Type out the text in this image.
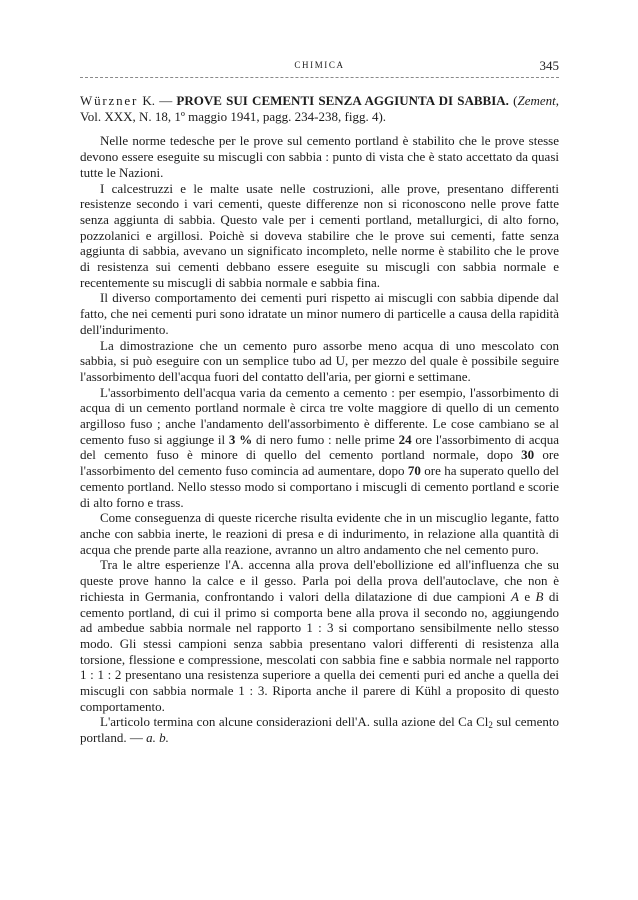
CHIMICA	345
Würzner K. — PROVE SUI CEMENTI SENZA AGGIUNTA DI SABBIA. (Zement, Vol. XXX, N. 18, 1º maggio 1941, pagg. 234-238, figg. 4).

Nelle norme tedesche per le prove sul cemento portland è stabilito che le prove stesse devono essere eseguite su miscugli con sabbia : punto di vista che è stato accettato da quasi tutte le Nazioni.

I calcestruzzi e le malte usate nelle costruzioni, alle prove, presentano differenti resistenze secondo i vari cementi, queste differenze non si riconoscono nelle prove fatte senza aggiunta di sabbia. Questo vale per i cementi portland, metallurgici, di alto forno, pozzolanici e argillosi. Poichè si doveva stabilire che le prove sui cementi, fatte senza aggiunta di sabbia, avevano un significato incompleto, nelle norme è stabilito che le prove di resistenza sui cementi debbano essere eseguite su miscugli con sabbia normale e recentemente su miscugli di sabbia normale e sabbia fina.

Il diverso comportamento dei cementi puri rispetto ai miscugli con sabbia dipende dal fatto, che nei cementi puri sono idratate un minor numero di particelle a causa della rapidità dell'indurimento.

La dimostrazione che un cemento puro assorbe meno acqua di uno mescolato con sabbia, si può eseguire con un semplice tubo ad U, per mezzo del quale è possibile seguire l'assorbimento dell'acqua fuori del contatto dell'aria, per giorni e settimane.

L'assorbimento dell'acqua varia da cemento a cemento : per esempio, l'assorbimento di acqua di un cemento portland normale è circa tre volte maggiore di quello di un cemento argilloso fuso ; anche l'andamento dell'assorbimento è differente. Le cose cambiano se al cemento fuso si aggiunge il 3 % di nero fumo : nelle prime 24 ore l'assorbimento di acqua del cemento fuso è minore di quello del cemento portland normale, dopo 30 ore l'assorbimento del cemento fuso comincia ad aumentare, dopo 70 ore ha superato quello del cemento portland. Nello stesso modo si comportano i miscugli di cemento portland e scorie di alto forno e trass.

Come conseguenza di queste ricerche risulta evidente che in un miscuglio legante, fatto anche con sabbia inerte, le reazioni di presa e di indurimento, in relazione alla quantità di acqua che prende parte alla reazione, avranno un altro andamento che nel cemento puro.

Tra le altre esperienze l'A. accenna alla prova dell'ebollizione ed all'influenza che su queste prove hanno la calce e il gesso. Parla poi della prova dell'autoclave, che non è richiesta in Germania, confrontando i valori della dilatazione di due campioni A e B di cemento portland, di cui il primo si comporta bene alla prova il secondo no, aggiungendo ad ambedue sabbia normale nel rapporto 1 : 3 si comportano sensibilmente nello stesso modo. Gli stessi campioni senza sabbia presentano valori differenti di resistenza alla torsione, flessione e compressione, mescolati con sabbia fine e sabbia normale nel rapporto 1 : 1 : 2 presentano una resistenza superiore a quella dei cementi puri ed anche a quella dei miscugli con sabbia normale 1 : 3. Riporta anche il parere di Kühl a proposito di questo comportamento.

L'articolo termina con alcune considerazioni dell'A. sulla azione del Ca $Cl_2$ sul cemento portland. — a. b.
